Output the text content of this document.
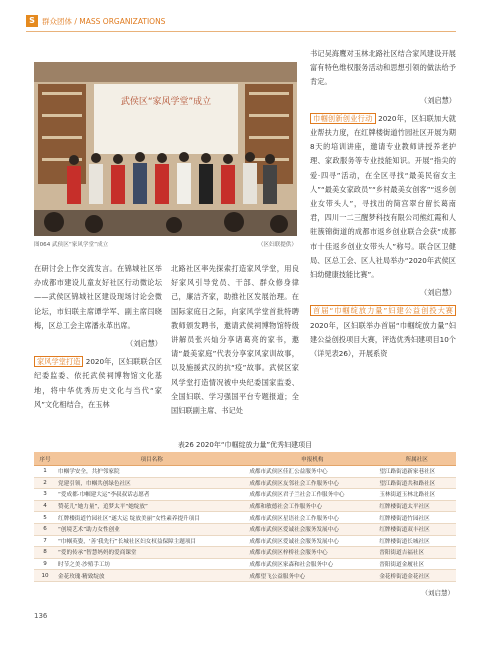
S 群众团体 / MASS ORGANIZATIONS
武侯区“家风学堂”成立
图064 武侯区“家风学堂”成立	（区妇联提供）

在研讨会上作交流发言。在锦城社区举办成都市建设儿童友好社区行动微论坛——武侯区锦城社区建设现场讨论会微论坛，市妇联主席谭学军、副主席闫晓梅，区总工会主席潘永革出席。

（刘启慧）

家风学堂打造 2020年，区妇联联合区纪委监委、依托武侯祠博物馆文化基地，将中华优秀历史文化与当代“家风”文化相结合，在玉林

北路社区率先探索打造家风学堂，用良好家风引导党员、干部、群众修身律己，廉洁齐家，助推社区发展治理。在国际家庭日之际，向家风学堂首批特聘教师颁发聘书，邀请武侯祠博物馆特级讲解员张兴灿分享诸葛亮的家书，邀请“最美家庭”代表分享家风家训故事，以及施援武汉的抗“疫”故事。武侯区家风学堂打造情况被中央纪委国家监委、全国妇联、学习强国平台专题报道；全国妇联副主席、书记处

书记吴海鹰对玉林北路社区结合家风建设开展富有特色维权服务活动和思想引领的做法给予肯定。

（刘启慧）

巾帼创新创业行动 2020年，区妇联加大就业帮扶力度，在红牌楼街道竹园社区开展为期8天的培训讲座，邀请专业教师讲授养老护理、家政服务等专业技能知识。开展“指尖的爱·四寻”活动，在全区寻找“最美民宿女主人”“最美女家政员”“乡村最美女创客”“返乡创业女带头人”，寻找出的简宫翠台留长葛南君，四川一二三醒梦科技有限公司熊红霞和人驻簇锦街道的成都市返乡创业联合会获“成都市十佳返乡创业女带头人”称号。联合区卫健局、区总工会、区人社局举办“2020年武侯区妇幼健康技能比赛”。

（刘启慧）

首届“巾帼绽放力量”妇建公益创投大赛 2020年，区妇联举办首届“巾帼绽放力量”妇建公益创投项目大赛，评选优秀妇建项目10个（详见表26），开展系资

表26 2020年“巾帼绽放力量”优秀妇建项目
序号	项目名称	申报机构	所属社区
1	巾帼学安全，共护邻家院	成都市武侯区佳汇公益服务中心	望江路街道新家巷社区
2	党建引领，巾帼共创绿色社区	成都市武侯区友邻社会工作服务中心	望江路街道共和路社区
3	“爱成都·巾帼建大运”李叔叔话志愿者	成都市武侯区君子兰社会工作服务中心	玉林街道玉林北路社区
4	赞花儿“她力量”，追梦太平“她绽放”	成都和敏德社会工作服务中心	红牌楼街道太平社区
5	红牌楼街道竹园社区“遂大运 绽放美丽”女性素养提升项目	成都市武侯区星语社会工作服务中心	红牌楼街道竹园社区
6	“创境艺术”助力女性创业	成都市武侯区爱诚社会服务发展中心	红牌楼街道双丰社区
7	“巾帼英姿，‘善’我先行”长城社区妇女权益保障主题项目	成都市武侯区爱诚社会服务发展中心	红牌楼街道长城社区
8	“爱的传承”智慧妈妈的爱商课堂	成都市武侯区梓桥社会服务中心	晋阳街道吉福社区
9	时节之美·沙殖手工坊	成都市武侯区家森和社会服务中心	晋阳街道金履社区
10	金花玫瑰·精致绽放	成都望飞公益服务中心	金花桥街道金花社区
（刘启慧）
136
